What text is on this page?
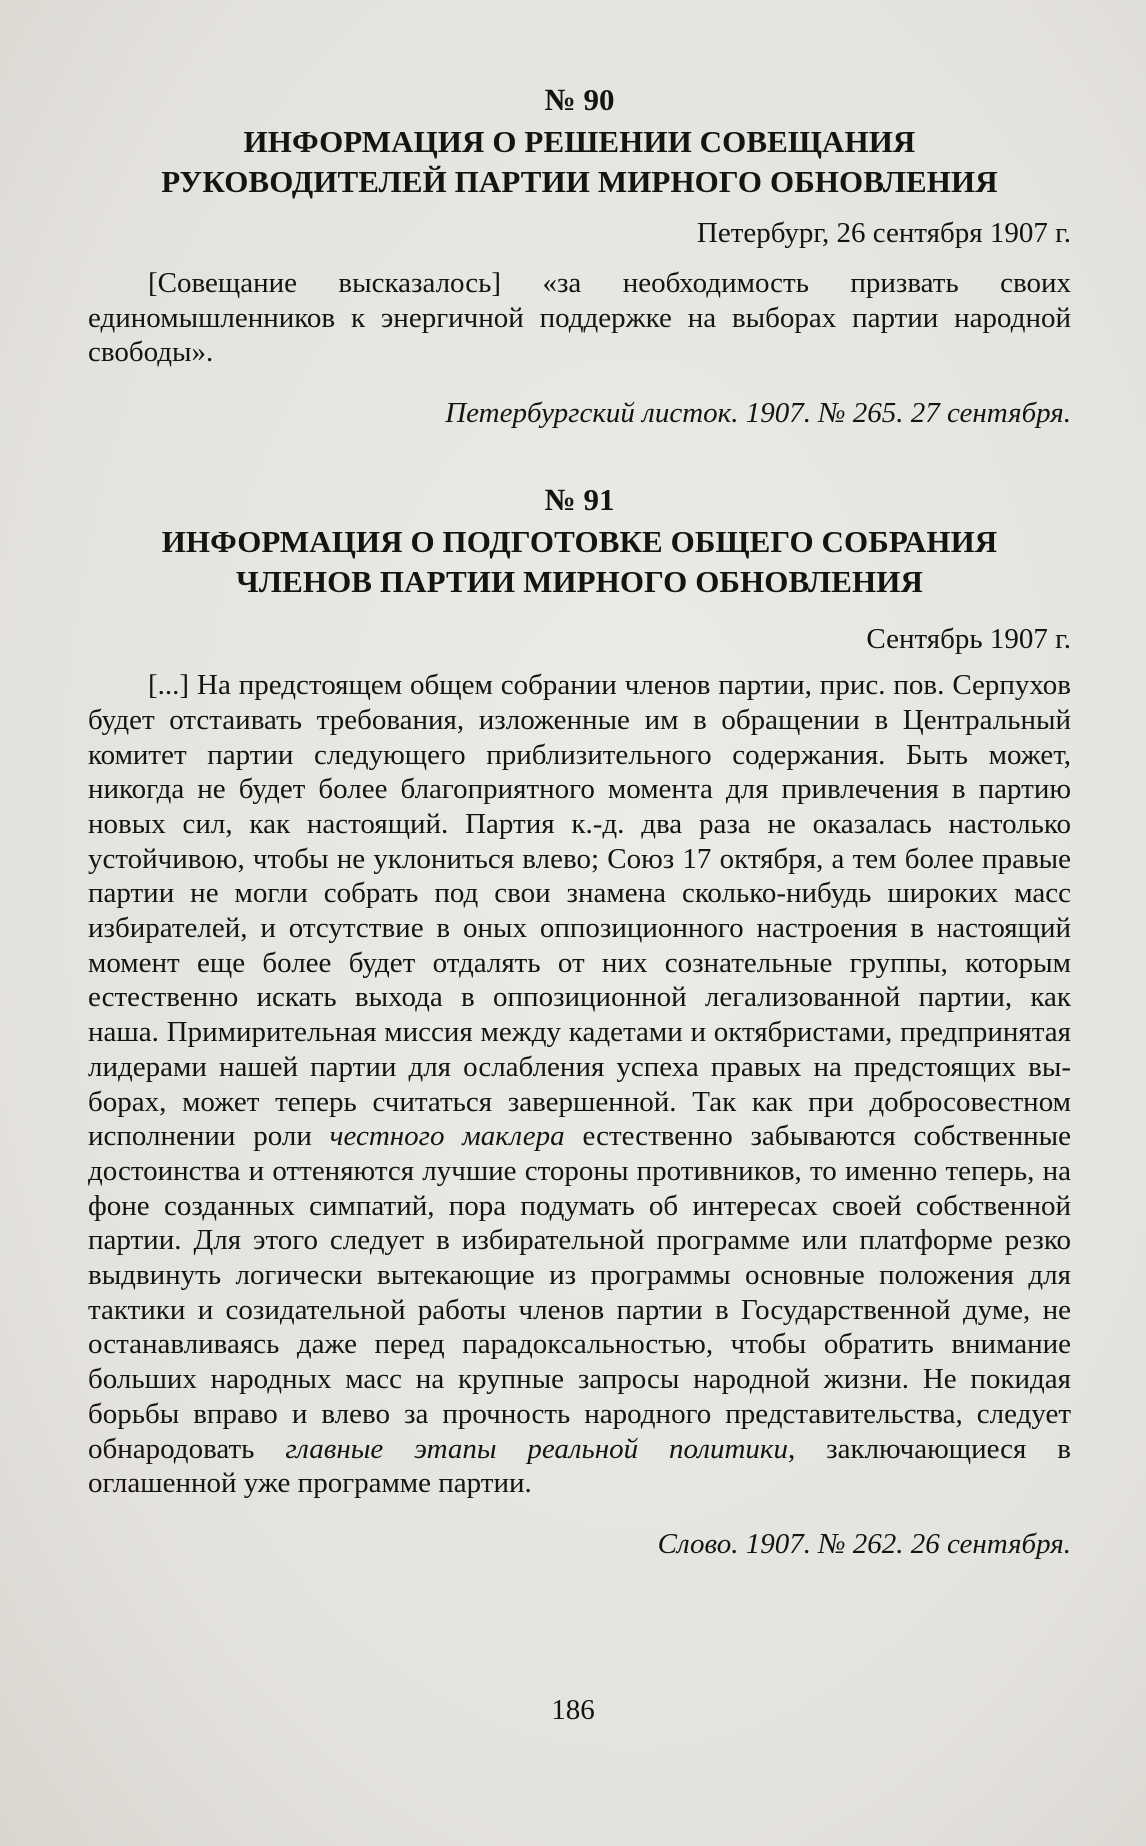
№ 90

ИНФОРМАЦИЯ О РЕШЕНИИ СОВЕЩАНИЯ

РУКОВОДИТЕЛЕЙ ПАРТИИ МИРНОГО ОБНОВЛЕНИЯ

Петербург, 26 сентября 1907 г.

[Совещание высказалось] «за необходимость призвать своих единомышленников к энергичной поддержке на выборах партии народной свободы».

Петербургский листок. 1907. № 265. 27 сентября.

№ 91

ИНФОРМАЦИЯ О ПОДГОТОВКЕ ОБЩЕГО СОБРАНИЯ

ЧЛЕНОВ ПАРТИИ МИРНОГО ОБНОВЛЕНИЯ

Сентябрь 1907 г.

[...] На предстоящем общем собрании членов партии, прис. пов. Серпухов будет отстаивать требования, изложенные им в обращении в Центральный комитет партии следующего приблизительного содержания. Быть может, никогда не будет более благоприятного момента для привлечения в партию новых сил, как настоящий. Партия к.-д. два раза не оказалась настолько устойчивою, чтобы не уклониться влево; Союз 17 октября, а тем более правые партии не могли собрать под свои знамена сколько-нибудь широких масс избирателей, и отсутствие в оных оппозиционного настроения в настоящий момент еще более будет отдалять от них сознательные группы, которым естественно искать выхода в оппозиционной легализованной партии, как наша. Примирительная миссия между кадетами и октябристами, предпринятая лидерами нашей партии для ослабления успеха правых на предстоящих выборах, может теперь считаться завершенной. Так как при добросовестном исполнении роли честного маклера естественно забываются собственные достоинства и оттеняются лучшие стороны противников, то именно теперь, на фоне созданных симпатий, пора подумать об интересах своей собственной партии. Для этого следует в избирательной программе или платформе резко выдвинуть логически вытекающие из программы основные положения для тактики и созидательной работы членов партии в Государственной думе, не останавливаясь даже перед парадоксальностью, чтобы обратить внимание больших народных масс на крупные запросы народной жизни. Не покидая борьбы вправо и влево за прочность народного представительства, следует обнародовать главные этапы реальной политики, заключающиеся в оглашенной уже программе партии.

Слово. 1907. № 262. 26 сентября.

186
